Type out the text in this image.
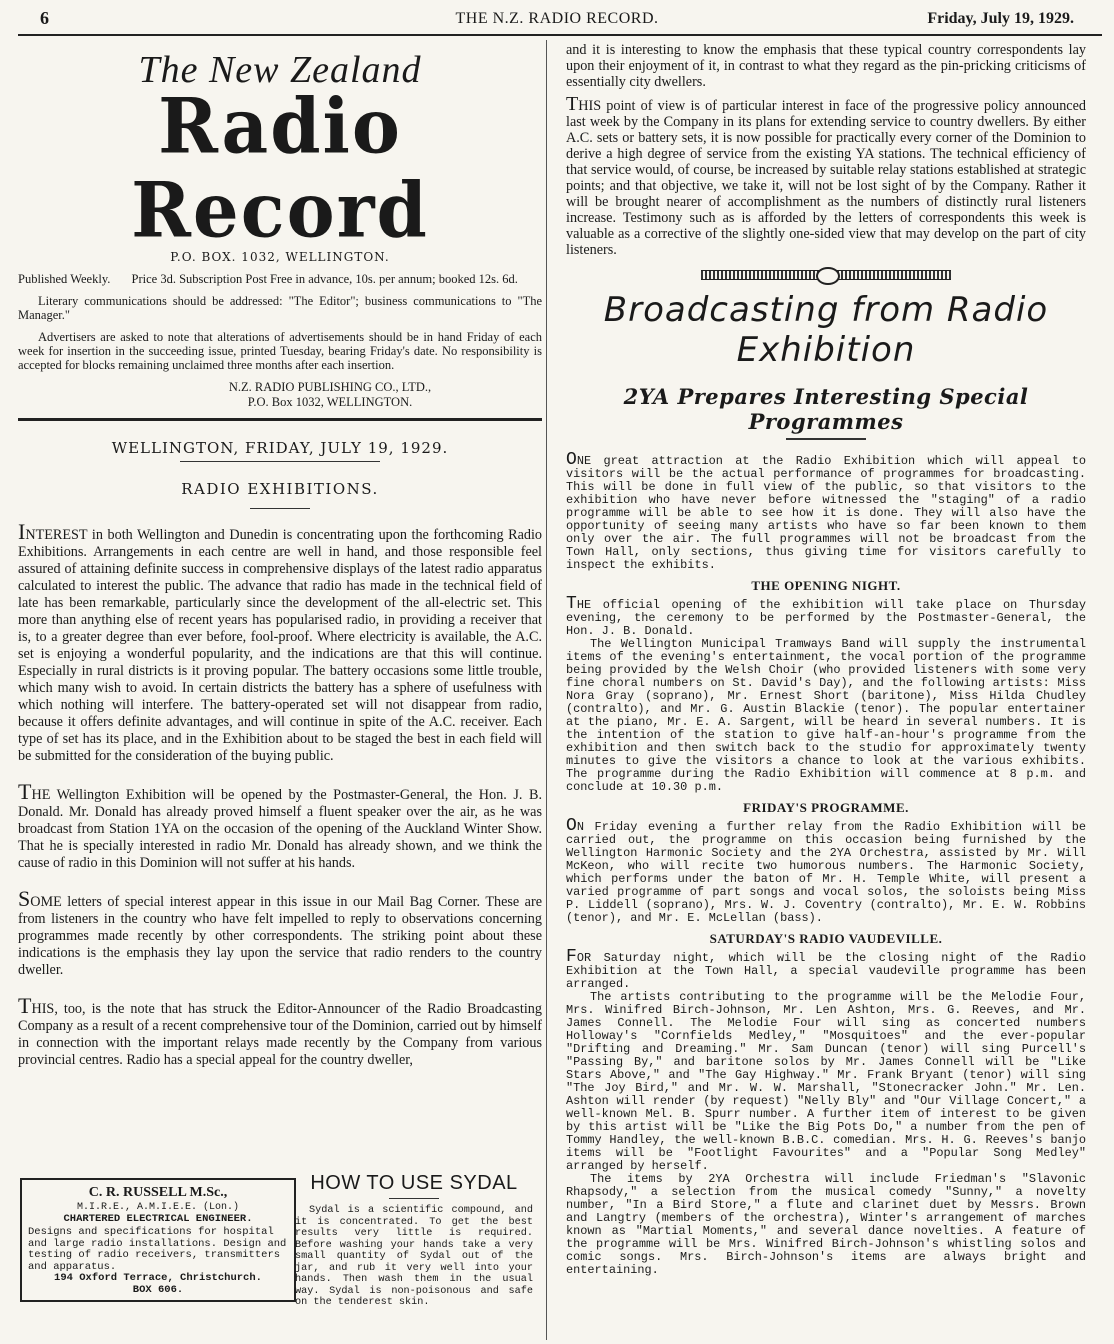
6	THE N.Z. RADIO RECORD.	Friday, July 19, 1929.
The New Zealand
Radio Record
P.O. BOX. 1032, WELLINGTON.
Published Weekly. Price 3d. Subscription Post Free in advance, 10s. per annum; booked 12s. 6d.
Literary communications should be addressed: "The Editor"; business communications to "The Manager."
Advertisers are asked to note that alterations of advertisements should be in hand Friday of each week for insertion in the succeeding issue, printed Tuesday, bearing Friday's date. No responsibility is accepted for blocks remaining unclaimed three months after each insertion.
N.Z. RADIO PUBLISHING CO., LTD.,
P.O. Box 1032, WELLINGTON.
WELLINGTON, FRIDAY, JULY 19, 1929.
RADIO EXHIBITIONS.
INTEREST in both Wellington and Dunedin is concentrating upon the forthcoming Radio Exhibitions. Arrangements in each centre are well in hand, and those responsible feel assured of attaining definite success in comprehensive displays of the latest radio apparatus calculated to interest the public. The advance that radio has made in the technical field of late has been remarkable, particularly since the development of the all-electric set. This more than anything else of recent years has popularised radio, in providing a receiver that is, to a greater degree than ever before, fool-proof. Where electricity is available, the A.C. set is enjoying a wonderful popularity, and the indications are that this will continue. Especially in rural districts is it proving popular. The battery occasions some little trouble, which many wish to avoid. In certain districts the battery has a sphere of usefulness with which nothing will interfere. The battery-operated set will not disappear from radio, because it offers definite advantages, and will continue in spite of the A.C. receiver. Each type of set has its place, and in the Exhibition about to be staged the best in each field will be submitted for the consideration of the buying public.
THE Wellington Exhibition will be opened by the Postmaster-General, the Hon. J. B. Donald. Mr. Donald has already proved himself a fluent speaker over the air, as he was broadcast from Station 1YA on the occasion of the opening of the Auckland Winter Show. That he is specially interested in radio Mr. Donald has already shown, and we think the cause of radio in this Dominion will not suffer at his hands.
SOME letters of special interest appear in this issue in our Mail Bag Corner. These are from listeners in the country who have felt impelled to reply to observations concerning programmes made recently by other correspondents. The striking point about these indications is the emphasis they lay upon the service that radio renders to the country dweller.
THIS, too, is the note that has struck the Editor-Announcer of the Radio Broadcasting Company as a result of a recent comprehensive tour of the Dominion, carried out by himself in connection with the important relays made recently by the Company from various provincial centres. Radio has a special appeal for the country dweller,
C. R. RUSSELL M.Sc.,
M.I.R.E., A.M.I.E.E. (Lon.)
CHARTERED ELECTRICAL ENGINEER.
Designs and specifications for hospital and large radio installations. Design and testing of radio receivers, transmitters and apparatus.
194 Oxford Terrace, Christchurch.
BOX 606.
HOW TO USE SYDAL
Sydal is a scientific compound, and it is concentrated. To get the best results very little is required. Before washing your hands take a very small quantity of Sydal out of the jar, and rub it very well into your hands. Then wash them in the usual way. Sydal is non-poisonous and safe on the tenderest skin.
and it is interesting to know the emphasis that these typical country correspondents lay upon their enjoyment of it, in contrast to what they regard as the pin-pricking criticisms of essentially city dwellers.
THIS point of view is of particular interest in face of the progressive policy announced last week by the Company in its plans for extending service to country dwellers. By either A.C. sets or battery sets, it is now possible for practically every corner of the Dominion to derive a high degree of service from the existing YA stations. The technical efficiency of that service would, of course, be increased by suitable relay stations established at strategic points; and that objective, we take it, will not be lost sight of by the Company. Rather it will be brought nearer of accomplishment as the numbers of distinctly rural listeners increase. Testimony such as is afforded by the letters of correspondents this week is valuable as a corrective of the slightly one-sided view that may develop on the part of city listeners.
Broadcasting from Radio
Exhibition
2YA Prepares Interesting Special Programmes
ONE great attraction at the Radio Exhibition which will appeal to visitors will be the actual performance of programmes for broadcasting. This will be done in full view of the public, so that visitors to the exhibition who have never before witnessed the "staging" of a radio programme will be able to see how it is done. They will also have the opportunity of seeing many artists who have so far been known to them only over the air. The full programmes will not be broadcast from the Town Hall, only sections, thus giving time for visitors carefully to inspect the exhibits.
THE OPENING NIGHT.
THE official opening of the exhibition will take place on Thursday evening, the ceremony to be performed by the Postmaster-General, the Hon. J. B. Donald.
The Wellington Municipal Tramways Band will supply the instrumental items of the evening's entertainment, the vocal portion of the programme being provided by the Welsh Choir (who provided listeners with some very fine choral numbers on St. David's Day), and the following artists: Miss Nora Gray (soprano), Mr. Ernest Short (baritone), Miss Hilda Chudley (contralto), and Mr. G. Austin Blackie (tenor). The popular entertainer at the piano, Mr. E. A. Sargent, will be heard in several numbers. It is the intention of the station to give half-an-hour's programme from the exhibition and then switch back to the studio for approximately twenty minutes to give the visitors a chance to look at the various exhibits. The programme during the Radio Exhibition will commence at 8 p.m. and conclude at 10.30 p.m.
FRIDAY'S PROGRAMME.
ON Friday evening a further relay from the Radio Exhibition will be carried out, the programme on this occasion being furnished by the Wellington Harmonic Society and the 2YA Orchestra, assisted by Mr. Will McKeon, who will recite two humorous numbers. The Harmonic Society, which performs under the baton of Mr. H. Temple White, will present a varied programme of part songs and vocal solos, the soloists being Miss P. Liddell (soprano), Mrs. W. J. Coventry (contralto), Mr. E. W. Robbins (tenor), and Mr. E. McLellan (bass).
SATURDAY'S RADIO VAUDEVILLE.
FOR Saturday night, which will be the closing night of the Radio Exhibition at the Town Hall, a special vaudeville programme has been arranged.
The artists contributing to the programme will be the Melodie Four, Mrs. Winifred Birch-Johnson, Mr. Len Ashton, Mrs. G. Reeves, and Mr. James Connell. The Melodie Four will sing as concerted numbers Holloway's "Cornfields Medley," "Mosquitoes" and the ever-popular "Drifting and Dreaming." Mr. Sam Duncan (tenor) will sing Purcell's "Passing By," and baritone solos by Mr. James Connell will be "Like Stars Above," and "The Gay Highway." Mr. Frank Bryant (tenor) will sing "The Joy Bird," and Mr. W. W. Marshall, "Stonecracker John." Mr. Len. Ashton will render (by request) "Nelly Bly" and "Our Village Concert," a well-known Mel. B. Spurr number. A further item of interest to be given by this artist will be "Like the Big Pots Do," a number from the pen of Tommy Handley, the well-known B.B.C. comedian. Mrs. H. G. Reeves's banjo items will be "Footlight Favourites" and a "Popular Song Medley" arranged by herself.
The items by 2YA Orchestra will include Friedman's "Slavonic Rhapsody," a selection from the musical comedy "Sunny," a novelty number, "In a Bird Store," a flute and clarinet duet by Messrs. Brown and Langtry (members of the orchestra), Winter's arrangement of marches known as "Martial Moments," and several dance novelties. A feature of the programme will be Mrs. Winifred Birch-Johnson's whistling solos and comic songs. Mrs. Birch-Johnson's items are always bright and entertaining.
